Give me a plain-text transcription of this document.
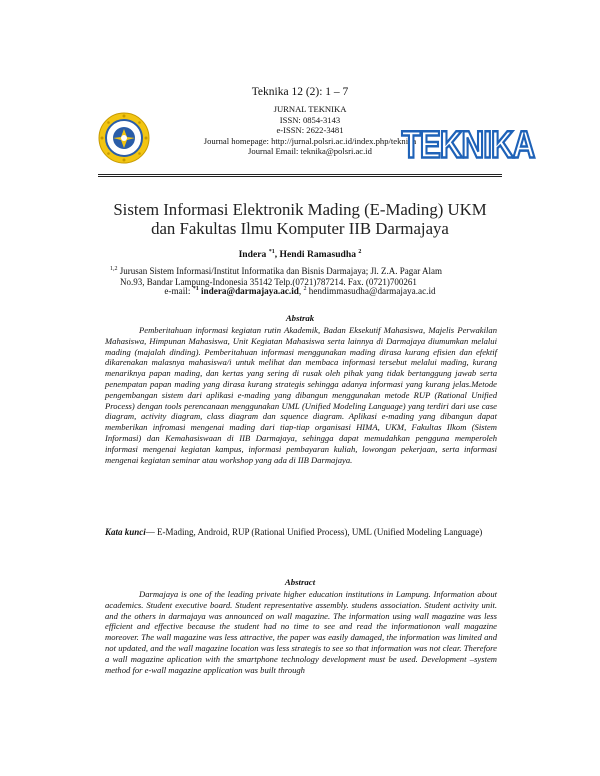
Teknika 12 (2): 1 – 7
JURNAL TEKNIKA
ISSN: 0854-3143
e-ISSN: 2622-3481
Journal homepage: http://jurnal.polsri.ac.id/index.php/teknika
Journal Email: teknika@polsri.ac.id TEKNIKA
Sistem Informasi Elektronik Mading (E-Mading) UKM
dan Fakultas Ilmu Komputer IIB Darmajaya
Indera $^{*1}$, Hendi Ramasudha $^2$
$^{1,2}$ Jurusan Sistem Informasi/Institut Informatika dan Bisnis Darmajaya; Jl. Z.A. Pagar Alam
No.93, Bandar Lampung-Indonesia 35142 Telp.(0721)787214. Fax. (0721)700261
e-mail: $^{*1}$ indera@darmajaya.ac.id, $^2$ hendimmasudha@darmajaya.ac.id
Abstrak

Pemberitahuan informasi kegiatan rutin Akademik, Badan Eksekutif Mahasiswa, Majelis Perwakilan Mahasiswa, Himpunan Mahasiswa, Unit Kegiatan Mahasiswa serta lainnya di Darmajaya diumumkan melalui mading (majalah dinding). Pemberitahuan informasi menggunakan mading dirasa kurang efisien dan efektif dikarenakan malasnya mahasiswa/i untuk melihat dan membaca informasi tersebut melalui mading, kurang menariknya papan mading, dan kertas yang sering di rusak oleh pihak yang tidak bertanggung jawab serta penempatan papan mading yang dirasa kurang strategis sehingga adanya informasi yang kurang jelas.Metode pengembangan sistem dari aplikasi e-mading yang dibangun menggunakan metode RUP (Rational Unified Process) dengan tools perencanaan menggunakan UML (Unified Modeling Language) yang terdiri dari use case diagram, activity diagram, class diagram dan squence diagram. Aplikasi e-mading yang dibangun dapat memberikan infromasi mengenai mading dari tiap-tiap organisasi HIMA, UKM, Fakultas Ilkom (Sistem Informasi) dan Kemahasiswaan di IIB Darmajaya, sehingga dapat memudahkan pengguna memperoleh informasi mengenai kegiatan kampus, informasi pembayaran kuliah, lowongan pekerjaan, serta informasi mengenai kegiatan seminar atau workshop yang ada di IIB Darmajaya.

Kata kunci— E-Mading, Android, RUP (Rational Unified Process), UML (Unified Modeling Language)
Abstract

Darmajaya is one of the leading private higher education institutions in Lampung. Information about academics. Student executive board. Student representative assembly. studens association. Student activity unit. and the others in darmajaya was announced on wall magazine. The information using wall magazine was less efficient and effective because the student had no time to see and read the informationon wall magazine moreover. The wall magazine was less attractive, the paper was easily damaged, the information was limited and not updated, and the wall magazine location was less strategis to see so that information was not clear. Therefore a wall magazine aplication with the smartphone technology development must be used. Development –system method for e-wall magazine application was built through
